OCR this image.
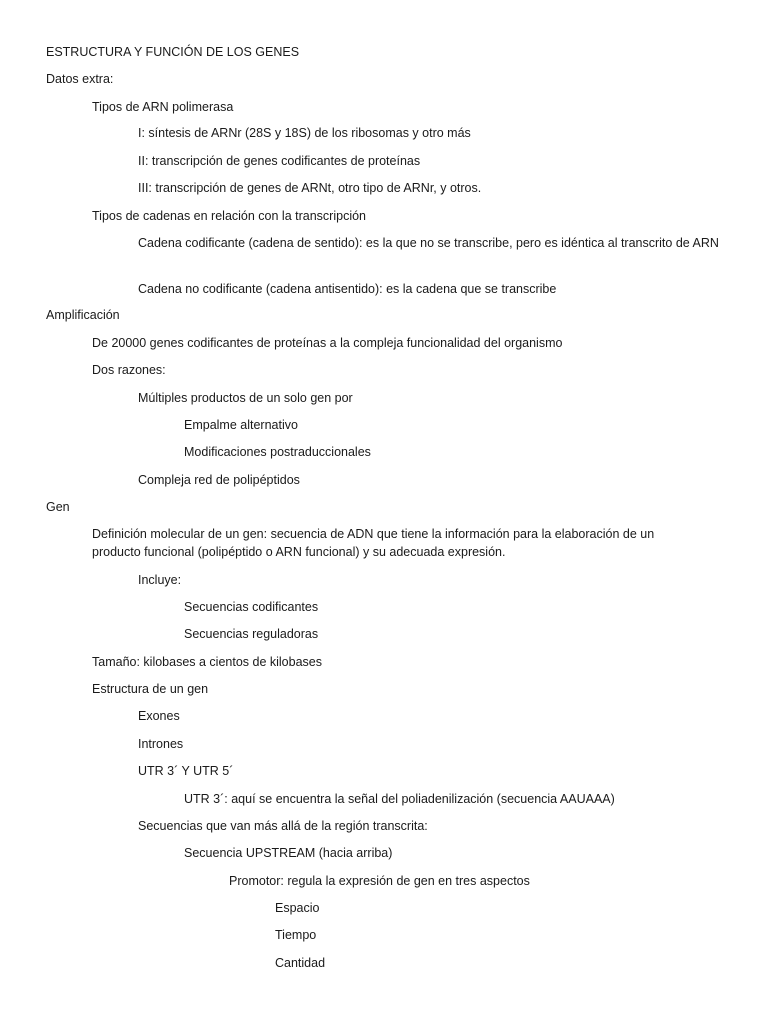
ESTRUCTURA Y FUNCIÓN DE LOS GENES
Datos extra:
Tipos de ARN polimerasa
I: síntesis de ARNr (28S y 18S) de los ribosomas y otro más
II: transcripción de genes codificantes de proteínas
III: transcripción de genes de ARNt, otro tipo de ARNr, y otros.
Tipos de cadenas en relación con la transcripción
Cadena codificante (cadena de sentido): es la que no se transcribe, pero es idéntica al transcrito de ARN
Cadena no codificante (cadena antisentido): es la cadena que se transcribe
Amplificación
De 20000 genes codificantes de proteínas a la compleja funcionalidad del organismo
Dos razones:
Múltiples productos de un solo gen por
Empalme alternativo
Modificaciones postraduccionales
Compleja red de polipéptidos
Gen
Definición molecular de un gen: secuencia de ADN que tiene la información para la elaboración de un producto funcional (polipéptido o ARN funcional) y su adecuada expresión.
Incluye:
Secuencias codificantes
Secuencias reguladoras
Tamaño: kilobases a cientos de kilobases
Estructura de un gen
Exones
Intrones
UTR 3´ Y UTR 5´
UTR 3´: aquí se encuentra la señal del poliadenilización (secuencia AAUAAA)
Secuencias que van más allá de la región transcrita:
Secuencia UPSTREAM (hacia arriba)
Promotor: regula la expresión de gen en tres aspectos
Espacio
Tiempo
Cantidad
